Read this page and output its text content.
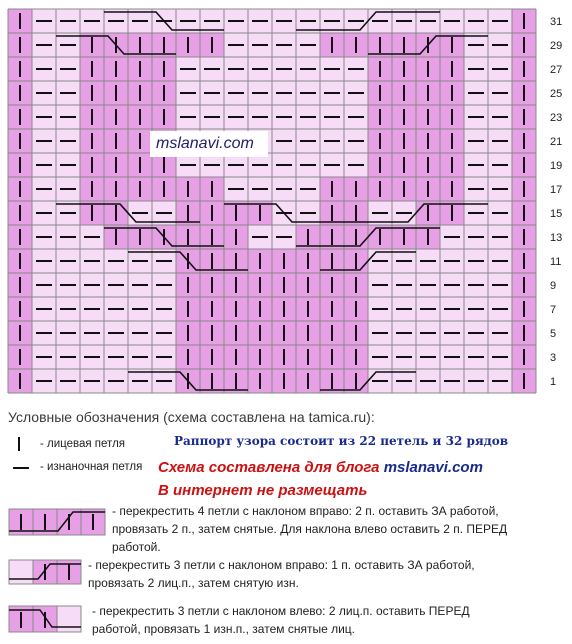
31
29
27
25
23
21
19
17
15
13
11
9
7
5
3
1
mslanavi.com
Условные обозначения (схема составлена на tamica.ru):
- лицевая петля
- изнаночная петля
Раппорт узора состоит из 22 петель и 32 рядов
Схема составлена для блога mslanavi.com
В интернет не размещать
- перекрестить 4 петли с наклоном вправо: 2 п. оставить ЗА работой,
провязать 2 п., затем снятые. Для наклона влево оставить 2 п. ПЕРЕД
работой.
- перекрестить 3 петли с наклоном вправо: 1 п. оставить ЗА работой,
провязать 2 лиц.п., затем снятую изн.
- перекрестить 3 петли с наклоном влево: 2 лиц.п. оставить ПЕРЕД
работой, провязать 1 изн.п., затем снятые лиц.
